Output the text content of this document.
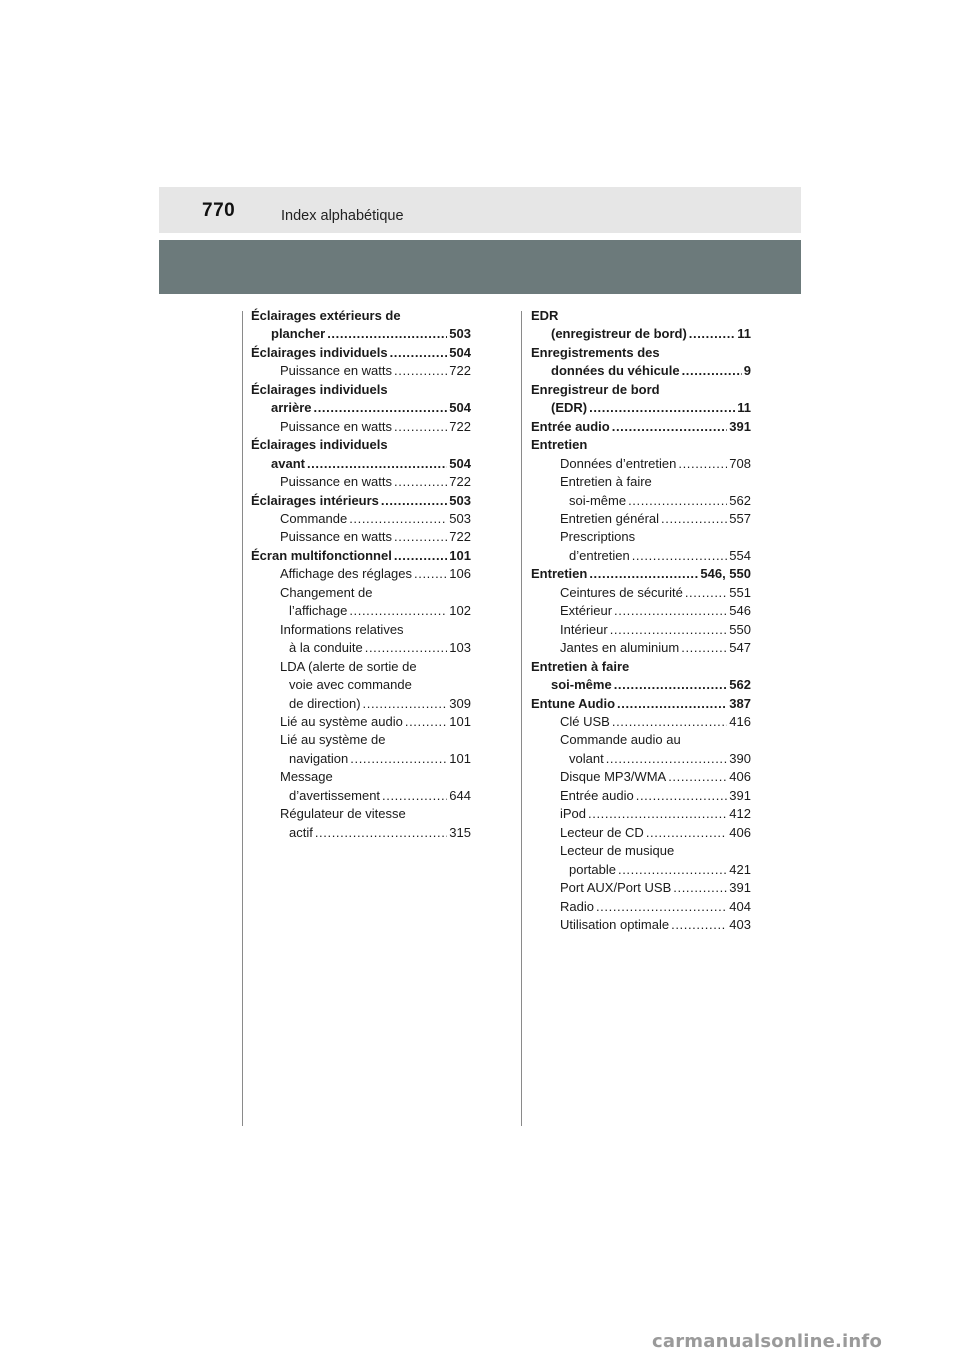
770	Index alphabétique
Éclairages extérieurs de
plancher .....	503
Éclairages individuels .....	504
Puissance en watts .....	722
Éclairages individuels
arrière .....	504
Puissance en watts .....	722
Éclairages individuels
avant .....	504
Puissance en watts .....	722
Éclairages intérieurs .....	503
Commande .....	503
Puissance en watts .....	722
Écran multifonctionnel .....	101
Affichage des réglages .....	106
Changement de
l’affichage .....	102
Informations relatives
à la conduite .....	103
LDA (alerte de sortie de
voie avec commande
de direction) .....	309
Lié au système audio .....	101
Lié au système de
navigation .....	101
Message
d’avertissement .....	644
Régulateur de vitesse
actif .....	315
EDR
(enregistreur de bord) .....	11
Enregistrements des
données du véhicule .....	9
Enregistreur de bord
(EDR) .....	11
Entrée audio .....	391
Entretien
Données d’entretien .....	708
Entretien à faire
soi-même .....	562
Entretien général .....	557
Prescriptions
d’entretien .....	554
Entretien .....	546, 550
Ceintures de sécurité .....	551
Extérieur .....	546
Intérieur .....	550
Jantes en aluminium .....	547
Entretien à faire
soi-même .....	562
Entune Audio .....	387
Clé USB .....	416
Commande audio au
volant .....	390
Disque MP3/WMA .....	406
Entrée audio .....	391
iPod .....	412
Lecteur de CD .....	406
Lecteur de musique
portable .....	421
Port AUX/Port USB .....	391
Radio .....	404
Utilisation optimale .....	403
carmanualsonline.info
